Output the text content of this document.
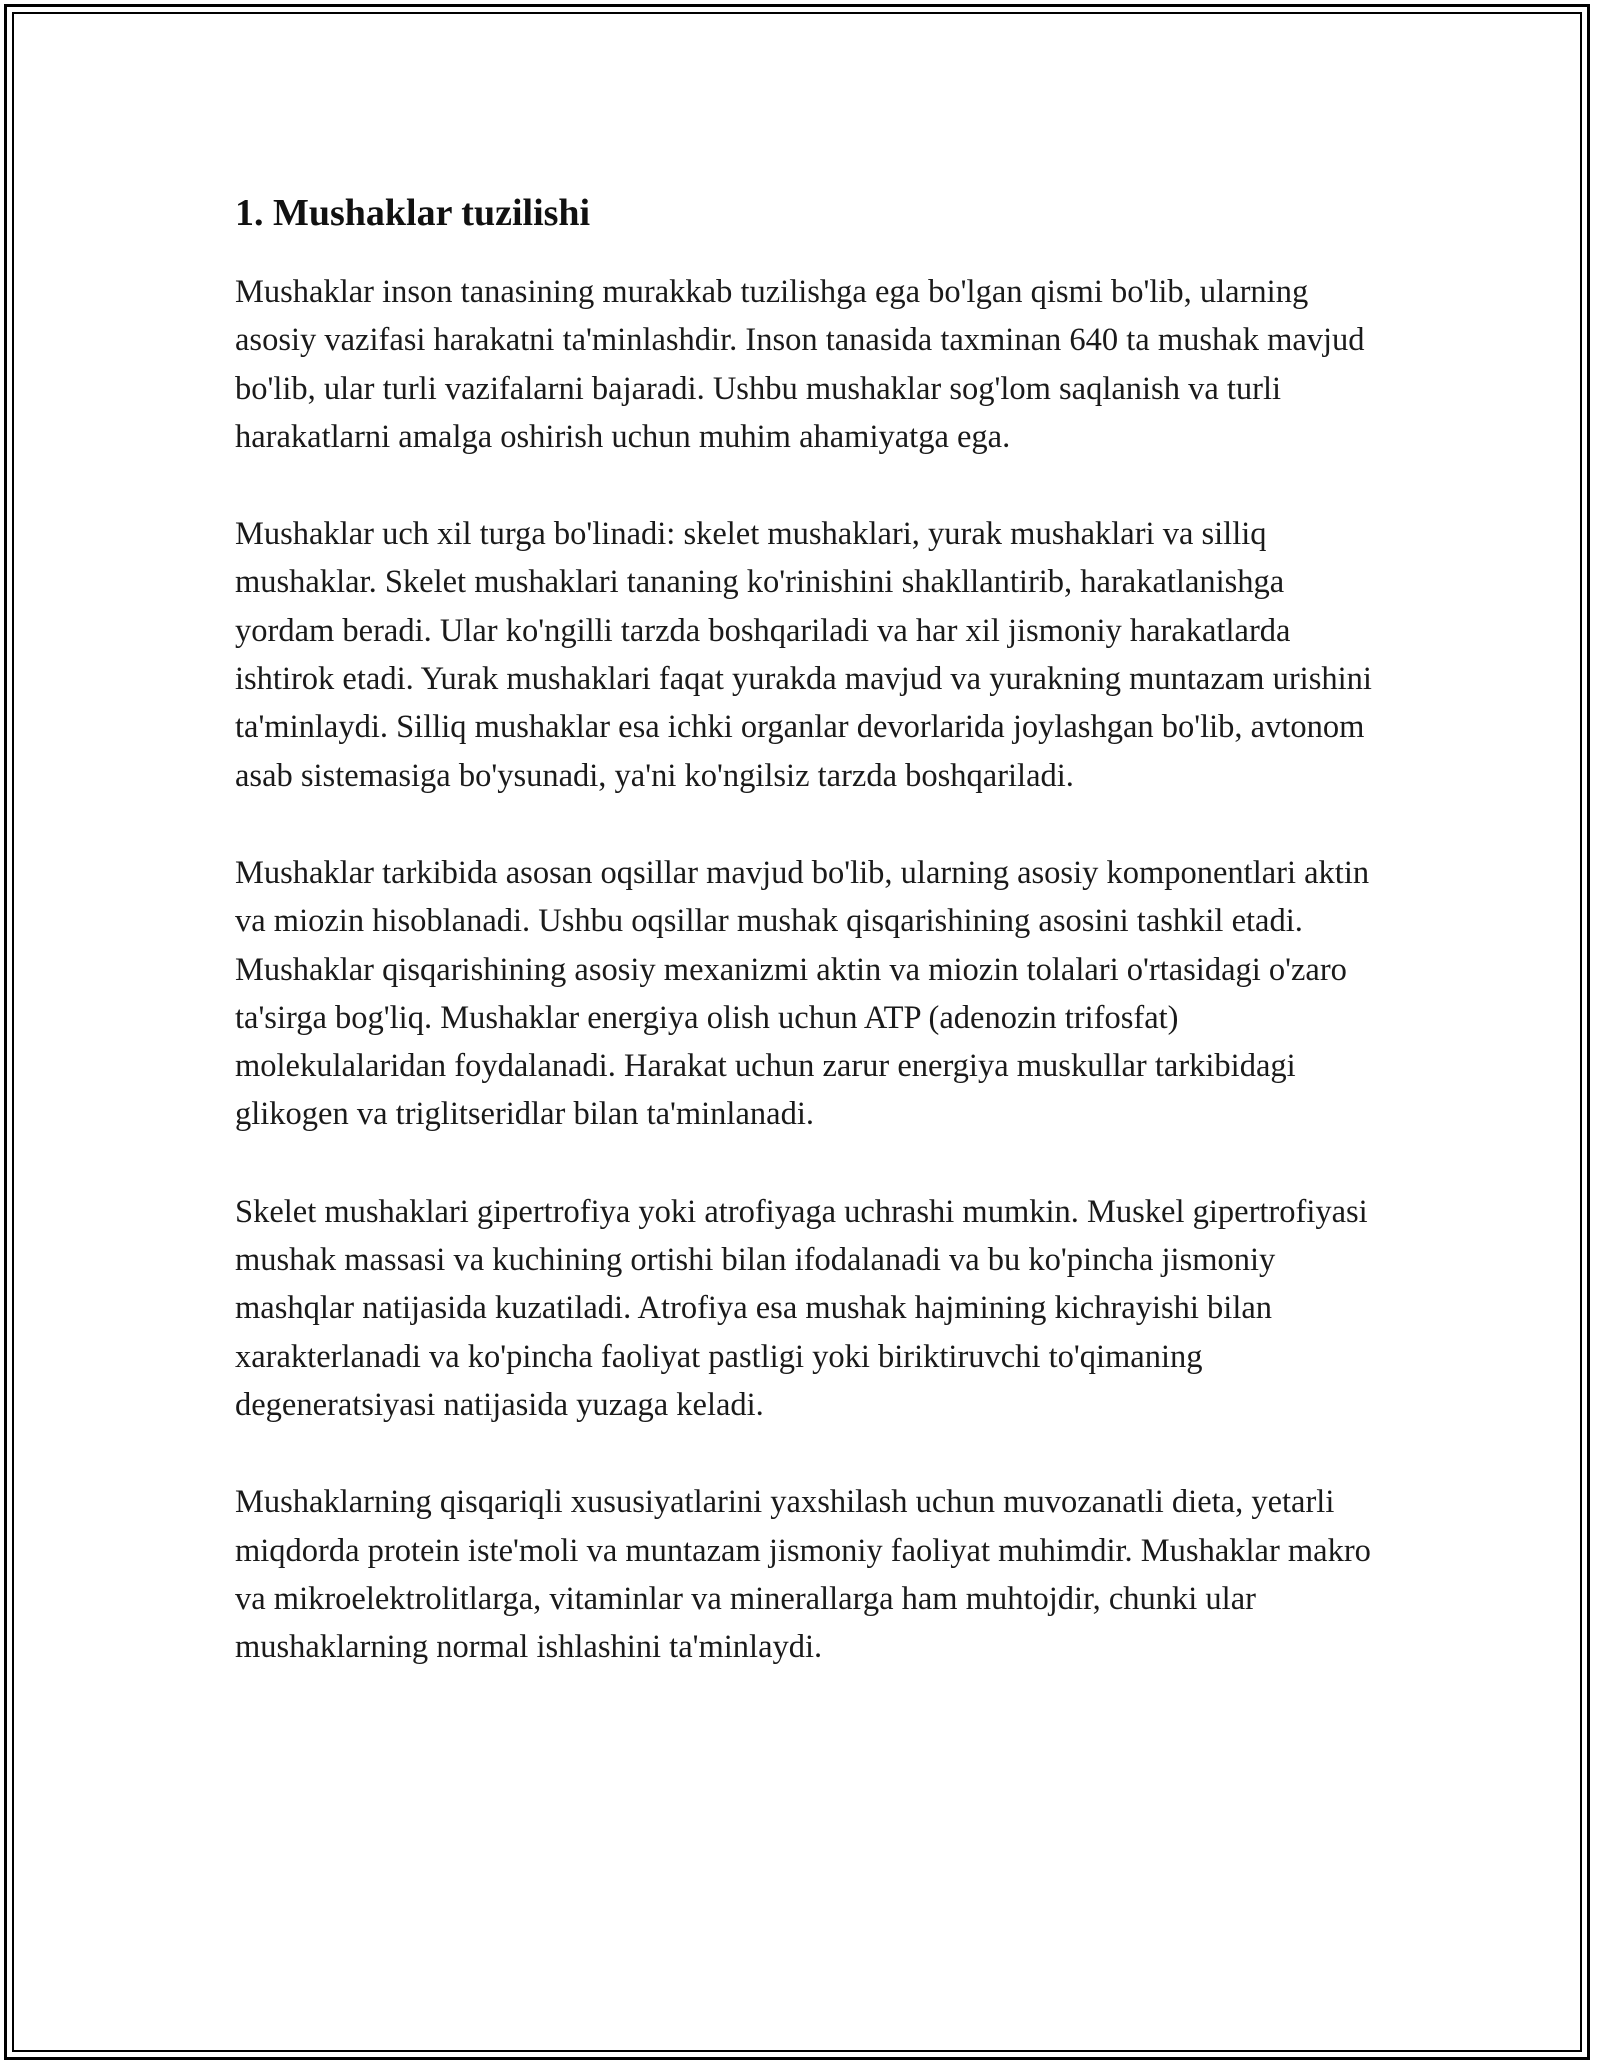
1. Mushaklar tuzilishi

Mushaklar inson tanasining murakkab tuzilishga ega bo'lgan qismi bo'lib, ularning asosiy vazifasi harakatni ta'minlashdir. Inson tanasida taxminan 640 ta mushak mavjud bo'lib, ular turli vazifalarni bajaradi. Ushbu mushaklar sog'lom saqlanish va turli harakatlarni amalga oshirish uchun muhim ahamiyatga ega.

Mushaklar uch xil turga bo'linadi: skelet mushaklari, yurak mushaklari va silliq mushaklar. Skelet mushaklari tananing ko'rinishini shakllantirib, harakatlanishga yordam beradi. Ular ko'ngilli tarzda boshqariladi va har xil jismoniy harakatlarda ishtirok etadi. Yurak mushaklari faqat yurakda mavjud va yurakning muntazam urishini ta'minlaydi. Silliq mushaklar esa ichki organlar devorlarida joylashgan bo'lib, avtonom asab sistemasiga bo'ysunadi, ya'ni ko'ngilsiz tarzda boshqariladi.

Mushaklar tarkibida asosan oqsillar mavjud bo'lib, ularning asosiy komponentlari aktin va miozin hisoblanadi. Ushbu oqsillar mushak qisqarishining asosini tashkil etadi. Mushaklar qisqarishining asosiy mexanizmi aktin va miozin tolalari o'rtasidagi o'zaro ta'sirga bog'liq. Mushaklar energiya olish uchun ATP (adenozin trifosfat) molekulalaridan foydalanadi. Harakat uchun zarur energiya muskullar tarkibidagi glikogen va triglitseridlar bilan ta'minlanadi.

Skelet mushaklari gipertrofiya yoki atrofiyaga uchrashi mumkin. Muskel gipertrofiyasi mushak massasi va kuchining ortishi bilan ifodalanadi va bu ko'pincha jismoniy mashqlar natijasida kuzatiladi. Atrofiya esa mushak hajmining kichrayishi bilan xarakterlanadi va ko'pincha faoliyat pastligi yoki biriktiruvchi to'qimaning degeneratsiyasi natijasida yuzaga keladi.

Mushaklarning qisqariqli xususiyatlarini yaxshilash uchun muvozanatli dieta, yetarli miqdorda protein iste'moli va muntazam jismoniy faoliyat muhimdir. Mushaklar makro va mikroelektrolitlarga, vitaminlar va minerallarga ham muhtojdir, chunki ular mushaklarning normal ishlashini ta'minlaydi.
